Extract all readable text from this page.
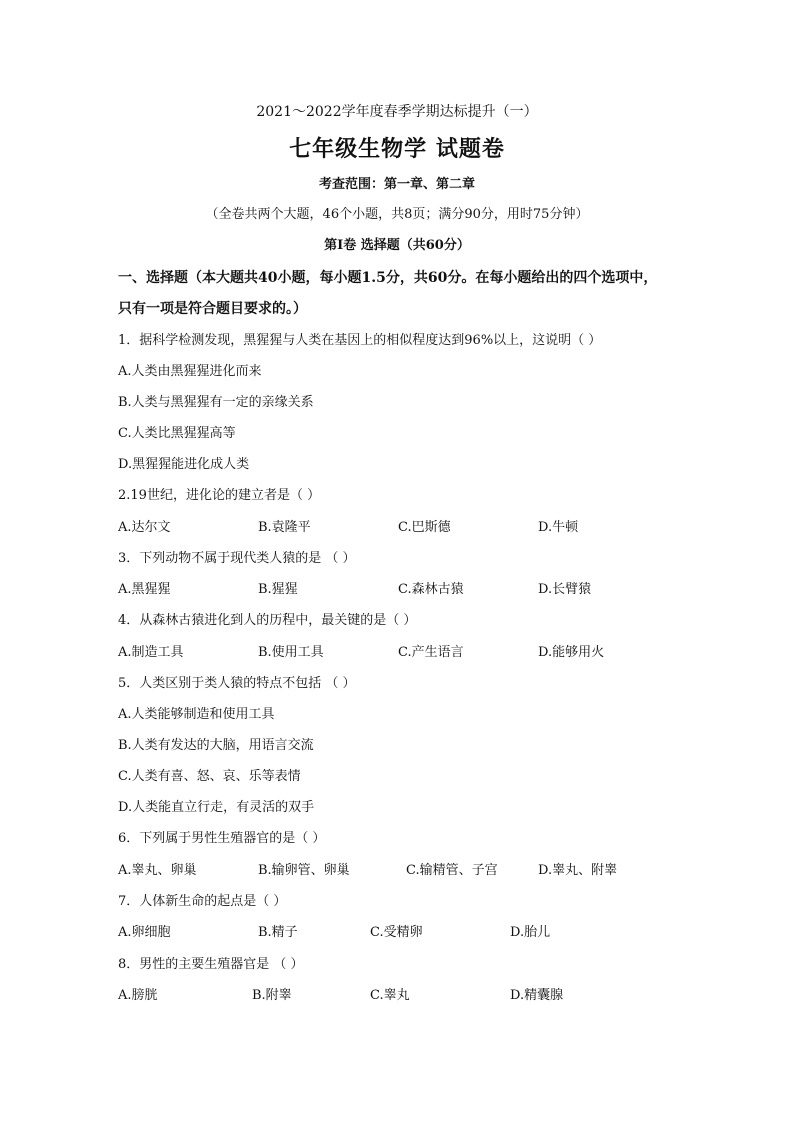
2021～2022学年度春季学期达标提升（一）
七年级生物学 试题卷
考查范围：第一章、第二章
（全卷共两个大题，46个小题，共8页；满分90分，用时75分钟）
第Ⅰ卷 选择题（共60分）
一、选择题（本大题共40小题，每小题1.5分，共60分。在每小题给出的四个选项中，
只有一项是符合题目要求的。）
1．据科学检测发现，黑猩猩与人类在基因上的相似程度达到96%以上，这说明（ ）
A.人类由黑猩猩进化而来
B.人类与黑猩猩有一定的亲缘关系
C.人类比黑猩猩高等
D.黑猩猩能进化成人类
2.19世纪，进化论的建立者是（ ）
A.达尔文	B.袁隆平	C.巴斯德	D.牛顿
3．下列动物不属于现代类人猿的是 （ ）
A.黑猩猩	B.猩猩	C.森林古猿	D.长臂猿
4．从森林古猿进化到人的历程中，最关键的是（ ）
A.制造工具	B.使用工具	C.产生语言	D.能够用火
5．人类区别于类人猿的特点不包括 （ ）
A.人类能够制造和使用工具
B.人类有发达的大脑，用语言交流
C.人类有喜、怒、哀、乐等表情
D.人类能直立行走，有灵活的双手
6．下列属于男性生殖器官的是（ ）
A.睾丸、卵巢	B.输卵管、卵巢	C.输精管、子宫	D.睾丸、附睾
7．人体新生命的起点是（ ）
A.卵细胞	B.精子	C.受精卵	D.胎儿
8．男性的主要生殖器官是 （ ）
A.膀胱	B.附睾	C.睾丸	D.精囊腺
